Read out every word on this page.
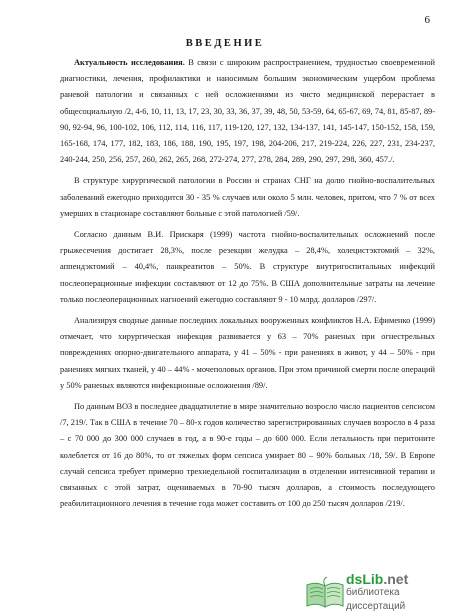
6
ВВЕДЕНИЕ

Актуальность исследования. В связи с широким распространением, трудностью своевременной диагностики, лечения, профилактики и наносимым большим экономическим ущербом проблема раневой патологии и связанных с ней осложнениями из чисто медицинской перерастает в общесоциальную /2, 4-6, 10, 11, 13, 17, 23, 30, 33, 36, 37, 39, 48, 50, 53-59, 64, 65-67, 69, 74, 81, 85-87, 89-90, 92-94, 96, 100-102, 106, 112, 114, 116, 117, 119-120, 127, 132, 134-137, 141, 145-147, 150-152, 158, 159, 165-168, 174, 177, 182, 183, 186, 188, 190, 195, 197, 198, 204-206, 217, 219-224, 226, 227, 231, 234-237, 240-244, 250, 256, 257, 260, 262, 265, 268, 272-274, 277, 278, 284, 289, 290, 297, 298, 360, 457./.

В структуре хирургической патологии в России и странах СНГ на долю гнойно-воспалительных заболеваний ежегодно приходится 30 - 35 % случаев или около 5 млн. человек, притом, что 7 % от всех умерших в стационаре составляют больные с этой патологией /59/.

Согласно данным В.И. Прискаря (1999) частота гнойно-воспалительных осложнений после грыжесечения достигает 28,3%, после резекции желудка – 28,4%, холецистэктомий – 32%, аппендэктомий – 40,4%, панкреатитов – 50%. В структуре внутригоспитальных инфекций послеоперационные инфекции составляют от 12 до 75%. В США дополнительные затраты на лечение только послеоперационных нагноений ежегодно составляют 9 - 10 млрд. долларов /297/.

Анализируя сводные данные последних локальных вооруженных конфликтов Н.А. Ефименко (1999) отмечает, что хирургическая инфекция развивается у 63 – 70% раненых при огнестрельных повреждениях опорно-двигательного аппарата, у 41 – 50% - при ранениях в живот, у 44 – 50% - при ранениях мягких тканей, у 40 – 44% - мочеполовых органов. При этом причиной смерти после операций у 50% раненых являются инфекционные осложнения /89/.

По данным ВОЗ в последнее двадцатилетие в мире значительно возросло число пациентов сепсисом /7, 219/. Так в США в течение 70 – 80-х годов количество зарегистрированных случаев возросло в 4 раза – с 70 000 до 300 000 случаев в год, а в 90-е годы – до 600 000. Если летальность при перитоните колеблется от 16 до 80%, то от тяжелых форм сепсиса умирает 80 – 90% больных /18, 59/. В Европе случай сепсиса требует примерно трехнедельной госпитализации в отделении интенсивной терапии и связанных с этой затрат, оцениваемых в 70-90 тысяч долларов, а стоимость последующего реабилитационного лечения в течение года может составить от 100 до 250 тысяч долларов /219/.

dsLib.net
библиотека диссертаций
